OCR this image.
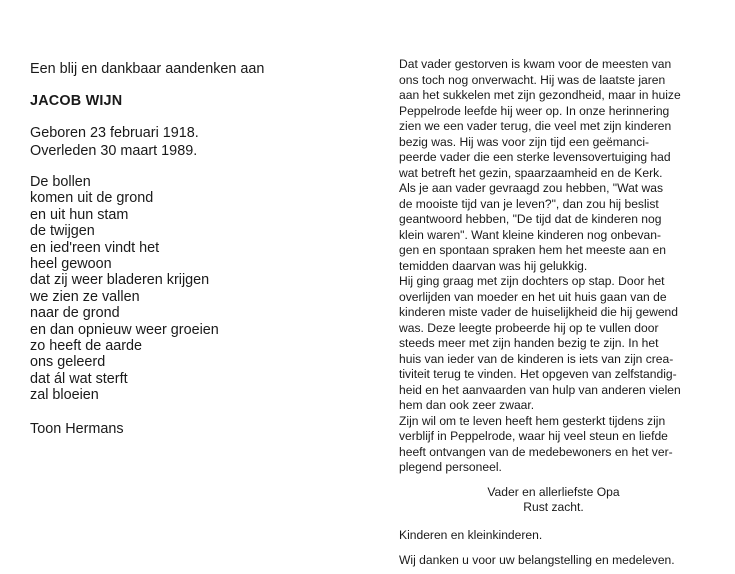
Een blij en dankbaar aandenken aan
JACOB WIJN
Geboren 23 februari 1918.
Overleden 30 maart 1989.
De bollen
komen uit de grond
en uit hun stam
de twijgen
en ied'reen vindt het
heel gewoon
dat zij weer bladeren krijgen
we zien ze vallen
naar de grond
en dan opnieuw weer groeien
zo heeft de aarde
ons geleerd
dat ál wat sterft
zal bloeien
Toon Hermans
Dat vader gestorven is kwam voor de meesten van
ons toch nog onverwacht. Hij was de laatste jaren
aan het sukkelen met zijn gezondheid, maar in huize
Peppelrode leefde hij weer op. In onze herinnering
zien we een vader terug, die veel met zijn kinderen
bezig was. Hij was voor zijn tijd een geëmanci-
peerde vader die een sterke levensovertuiging had
wat betreft het gezin, spaarzaamheid en de Kerk.
Als je aan vader gevraagd zou hebben, "Wat was
de mooiste tijd van je leven?", dan zou hij beslist
geantwoord hebben, "De tijd dat de kinderen nog
klein waren". Want kleine kinderen nog onbevan-
gen en spontaan spraken hem het meeste aan en
temidden daarvan was hij gelukkig.
Hij ging graag met zijn dochters op stap. Door het
overlijden van moeder en het uit huis gaan van de
kinderen miste vader de huiselijkheid die hij gewend
was. Deze leegte probeerde hij op te vullen door
steeds meer met zijn handen bezig te zijn. In het
huis van ieder van de kinderen is iets van zijn crea-
tiviteit terug te vinden. Het opgeven van zelfstandig-
heid en het aanvaarden van hulp van anderen vielen
hem dan ook zeer zwaar.
Zijn wil om te leven heeft hem gesterkt tijdens zijn
verblijf in Peppelrode, waar hij veel steun en liefde
heeft ontvangen van de medebewoners en het ver-
plegend personeel.
Vader en allerliefste Opa
Rust zacht.
Kinderen en kleinkinderen.
Wij danken u voor uw belangstelling en medeleven.
